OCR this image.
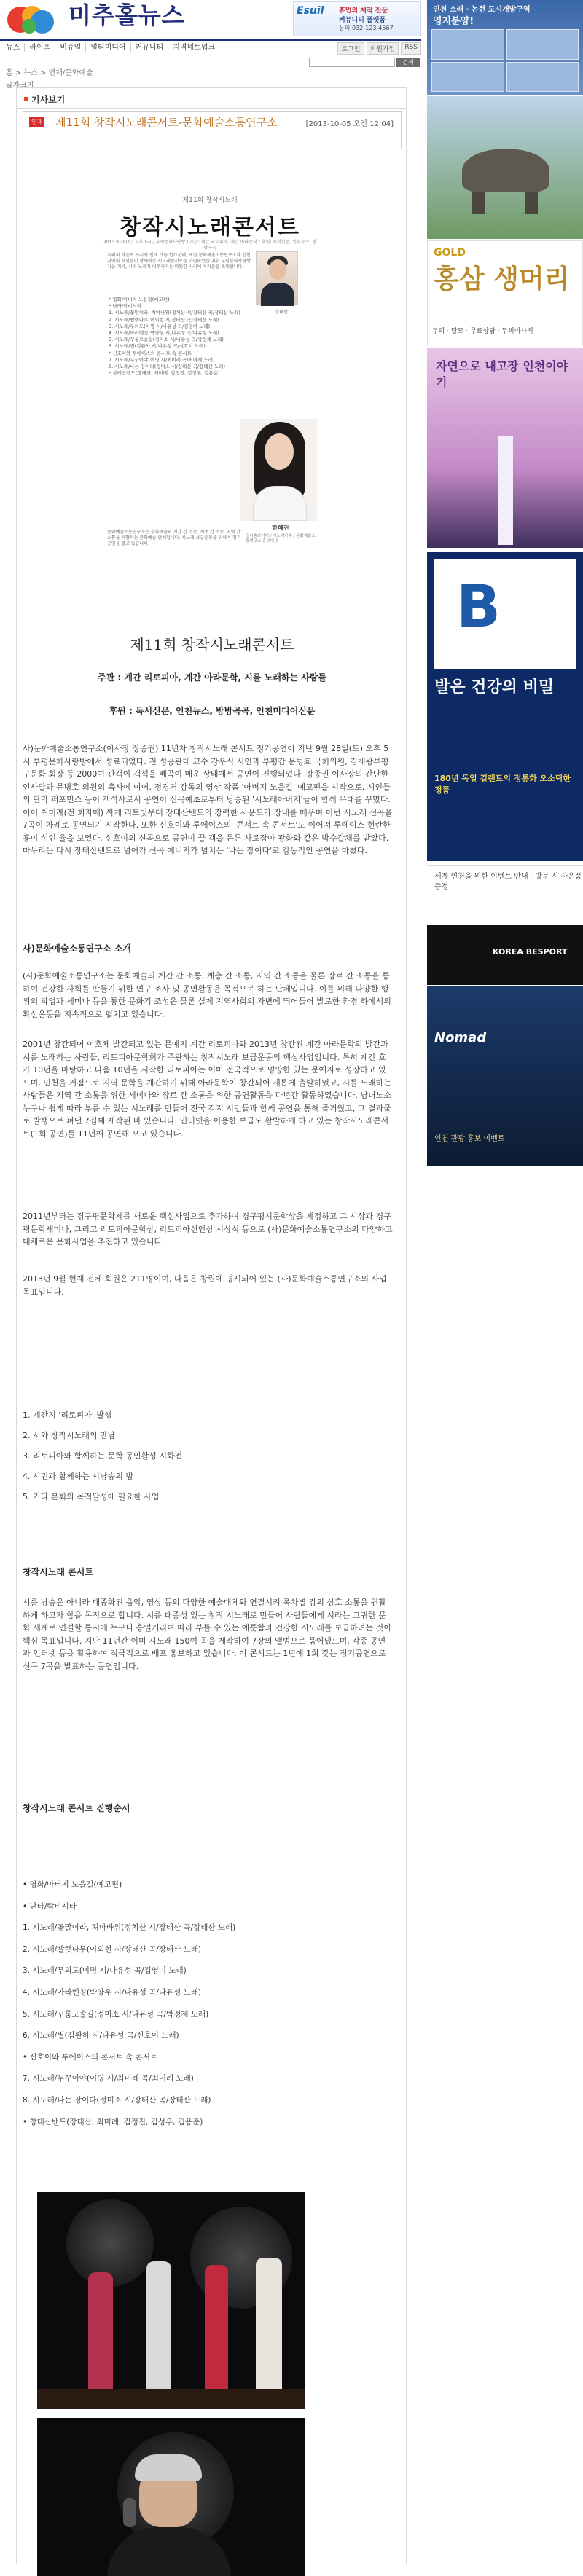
미추홀뉴스	Esuil 휴먼의 제작 전문
커뮤니티 플랫폼
문의 032-123-4567
뉴스	라이프	비쥬얼	멀티미디어	커뮤니티	지역네트워크	로그인	회원가입	RSS
검색
홈 > 뉴스 > 연재/문화예술
글자크기
기사보기
연재 제11회 창작시노래콘서트-문화예술소통연구소	[2013-10-05 오전 12:04]
제11회 창작시노래
창작시노래콘서트
2013.9.28(토) 오후 5시 / 부평문화사랑방 / 주관: 계간 리토피아, 계간 아라문학 / 후원: 독서신문, 인천뉴스, 방방곡곡
우리의 마음도 사시사 철에 가을 한가운데, 계절 문화예술소통연구소와 인천지역의 시인들이 함께하는 시노래콘서트를 마련하였습니다. 부평문화사랑방 가을 저녁, 시와 노래가 어우러지는 따뜻한 자리에 여러분을 초대합니다.
* 영화/아버지 노을길(예고편)
* 난타/락비시타
1. 시노래/꽃말이라, 처마바위(정치산 시/장태산 곡/장태산 노래)
2. 시노래/빨랫나무(이외현 시/장태산 곡/장태산 노래)
3. 시노래/무의도(이명 시/나유성 곡/김영미 노래)
4. 시노래/아라벤칭(박양우 시/나유성 곡/나유성 노래)
5. 시노래/꾸룸오솔길(정미소 시/나유성 곡/박정제 노래)
6. 시노래/별(김완하 시/나유성 곡/신호이 노래)
* 신호이와 투에이스의 콘서트 속 콘서트
7. 시노래/누꾸이야(이명 시/최미례 곡/최미례 노래)
8. 시노래/나는 장이다(정미소 시/장태산 곡/장태산 노래)
* 창태산밴드(장태산, 최미례, 김정진, 김성우, 김용준)
장태산
한혜진
싱어송라이터 / 시노래가수 / 문화예술소통연구소 홍보대사
문화예술소통연구소는 문화예술의 계간 간 소통, 계층 간 소통, 지역 간 소통을 지향하는 문화예술 단체입니다. 시노래 보급운동을 위하여 정기공연을 열고 있습니다.
제11회 창작시노래콘서트
주관 : 계간 리토피아, 계간 아라문학, 시를 노래하는 사람들
후원 : 독서신문, 인천뉴스, 방방곡곡, 인천미디어신문
사)문화예술소통연구소(이사장 장종권) 11년차 창작시노래 콘서트 정기공연이 지난 9월 28일(토) 오후 5시 부평문화사랑방에서 성료되었다. 전 성공관대 교수 강우식 시인과 부평갑 문병호 국회의원, 김재왕부평 구문화 회장 등 2000여 관객이 객석을 빼곡이 메운 상태에서 공연이 진행되었다. 장종권 이사장의 간단한 인사말과 문병호 의원의 축사에 이어, 정경거 감독의 영상 작품 '아버지 노을길' 예고편을 시작으로, 시인들의 단막 퍼포먼스 등이 객석사로서 공연이 신곡예초로부터 낭송된 '시노래아버지'들이 함께 무대를 꾸몄다. 이어 최미례(전 회자매) 싸게 리토빛무대 장태산밴드의 강력한 사운드가 장내를 메우며 이번 시노래 선곡을 7곡이 차례로 공연되기 시작한다. 또한 신호이와 투에이스의 '콘서트 속 콘서트'도 이어져 투에이스 현란한 흥이 섞인 율을 보였다. 신호이의 신곡으로 공연이 끝 객을 돈톤 사로잡아 광화와 같은 박수갈채를 받았다. 마무리는 다시 장태산밴드로 넘어가 신곡 에너지가 넘치는 '나는 장이다'로 감동적인 공연을 마쳤다.
사)문화예술소통연구소 소개
(사)문화예술소통연구소는 문화예술의 계간 간 소통, 계층 간 소통, 지역 간 소통을 물론 장르 간 소통을 통하여 건강한 사회를 만들기 위한 연구 조사 및 공연활동을 목적으로 하는 단체입니다. 이를 위해 다양한 행위의 작업과 세미나 등을 통한 문화기 조성은 물론 실제 지역사회의 자변에 뛰어들어 발로한 환경 하에서의 확산운동을 지속적으로 펼치고 있습니다.
2001년 창간되어 이호체 발간되고 있는 문예지 계간 리토피아와 2013년 창간된 계간 아라문학의 발간과 시를 노래하는 사람들, 리토피아문학회가 주관하는 창작시노래 보급운동의 핵심사업입니다. 특히 계간 호가 10년을 바탕하고 다음 10년을 시작한 리토피아는 이미 전국적으로 명망한 있는 문예지로 성장하고 있으며, 인천을 거점으로 지역 문학을 개간하기 위해 아라문학이 창간되어 새롭게 출발하였고, 시를 노래하는 사람들은 지역 간 소통을 위한 세미나와 장르 간 소통을 위한 공연활동을 다년간 활동하였습니다. 남녀노소 누구나 쉽게 따라 부를 수 있는 시노래를 만들어 전국 각지 시민들과 함께 공연을 통해 즐거웠고, 그 결과물로 발행으로 펴낸 7집째 제작된 바 있습니다. 인터넷을 이용한 보급도 활발하게 하고 있는 창작시노래콘서트(1회 공연)를 11년째 공연해 오고 있습니다.
2011년부터는 경구평문학제를 새로운 핵심사업으로 추가하여 경구평시문학상을 제정하고 그 시상과 경구평문학세미나, 그리고 리토피아문학상, 리토피아신인상 시상식 등으로 (사)문화예술소통연구소의 다양하고 대체로운 문화사업을 추진하고 있습니다.
2013년 9월 현재 전체 회원은 211명이며, 다음은 창립에 명시되어 있는 (사)문화예술소통연구소의 사업 목표입니다.
1. 계간지 '리토피아' 발행
2. 시와 창작시노래의 만남
3. 리토피아와 함께하는 문학 동인활성 시화전
4. 시민과 함께하는 시낭송의 밤
5. 기타 본회의 목적달성에 필요한 사업
창작시노래 콘서트
시를 낭송은 아니라 대중화된 음악, 영상 등의 다양한 예술매체와 연결시켜 쪽차별 감의 상호 소통을 원활하게 하고자 함을 목적으로 합니다. 시를 대중성 있는 창작 시노래로 만들어 사람들에게 시라는 고귀한 문화 세계로 연결할 통시에 누구나 흥얼거리며 따라 부를 수 있는 애틋함과 건강한 시노래를 보급하려는 것이 핵심 목표입니다. 지난 11년간 이미 시노래 150여 곡을 제작하여 7장의 앨범으로 묶어냈으며, 각종 공연과 인터넷 등을 활용하여 적극적으로 배포 홍보하고 있습니다. 이 콘서트는 1년에 1회 갖는 정기공연으로 신곡 7곡을 발표하는 공연입니다.
창작시노래 콘서트 진행순서
• 영화/아버지 노을길(예고편)
• 난타/락비시타
1. 시노래/꽃말이라, 처마바위(정치산 시/장태산 곡/장태산 노래)
2. 시노래/빨랫나무(이외현 시/장태산 곡/장태산 노래)
3. 시노래/무의도(이명 시/나유성 곡/김영미 노래)
4. 시노래/아라벤칭(박양우 시/나유성 곡/나유성 노래)
5. 시노래/꾸룸오솔길(정미소 시/나유성 곡/박정제 노래)
6. 시노래/별(김완하 시/나유성 곡/신호이 노래)
• 신호이와 투에이스의 콘서트 속 콘서트
7. 시노래/누꾸이야(이명 시/최미례 곡/최미례 노래)
8. 시노래/나는 장이다(정미소 시/장태산 곡/장태산 노래)
• 창태산밴드(장태산, 최미례, 김정진, 김성우, 김용준)
인천 소래 · 논현 도시개발구역
영지분양!
GOLD
홍삼 생머리
두피 · 탈모 · 무료상담 · 두피마사지
자연으로 내고장 인천이야기
B
발은 건강의 비밀
180년 독일 걸랜트의 정통화 오소틱한 정품
세계 인천을 위한 이벤트 안내 · 방문 시 사은품 증정
KOREA BESPORT
Nomad
인천 관광 홍보 이벤트
